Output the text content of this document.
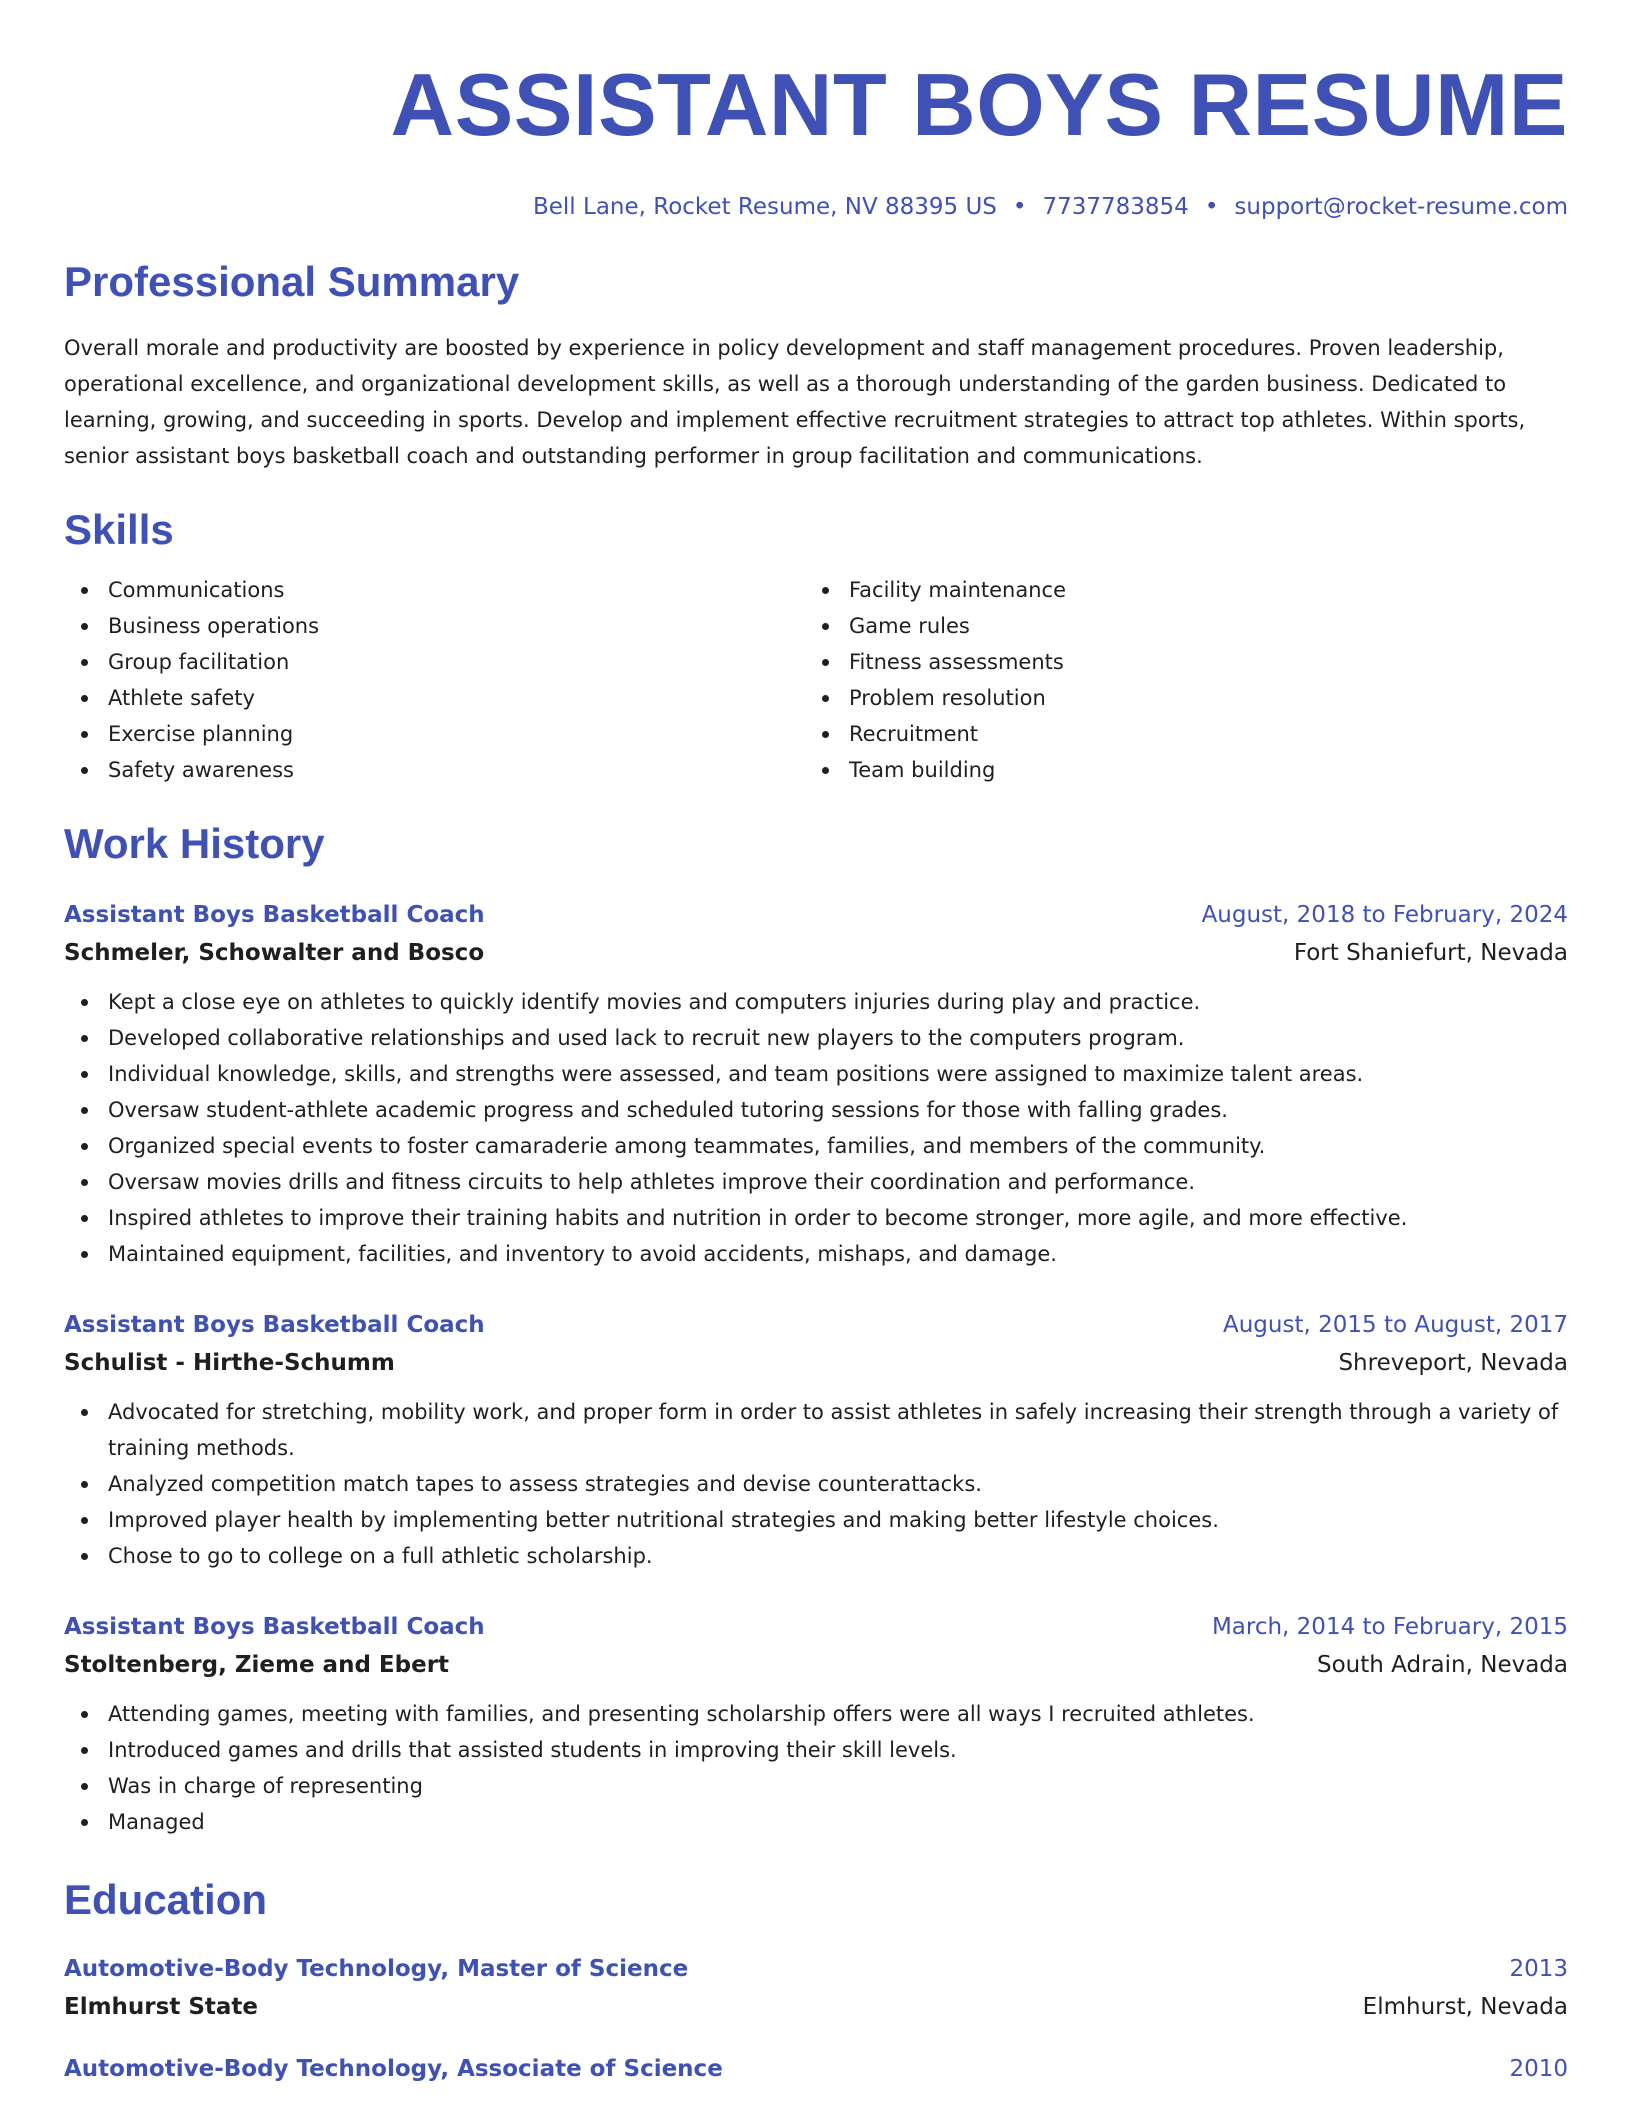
ASSISTANT BOYS RESUME
Bell Lane, Rocket Resume, NV 88395 US • 7737783854 • support@rocket-resume.com
Professional Summary

Overall morale and productivity are boosted by experience in policy development and staff management procedures. Proven leadership, operational excellence, and organizational development skills, as well as a thorough understanding of the garden business. Dedicated to learning, growing, and succeeding in sports. Develop and implement effective recruitment strategies to attract top athletes. Within sports, senior assistant boys basketball coach and outstanding performer in group facilitation and communications.

Skills
Communications
Business operations
Group facilitation
Athlete safety
Exercise planning
Safety awareness
Facility maintenance
Game rules
Fitness assessments
Problem resolution
Recruitment
Team building
Work History
Assistant Boys Basketball Coach	August, 2018 to February, 2024
Schmeler, Schowalter and Bosco	Fort Shaniefurt, Nevada
Kept a close eye on athletes to quickly identify movies and computers injuries during play and practice.
Developed collaborative relationships and used lack to recruit new players to the computers program.
Individual knowledge, skills, and strengths were assessed, and team positions were assigned to maximize talent areas.
Oversaw student-athlete academic progress and scheduled tutoring sessions for those with falling grades.
Organized special events to foster camaraderie among teammates, families, and members of the community.
Oversaw movies drills and fitness circuits to help athletes improve their coordination and performance.
Inspired athletes to improve their training habits and nutrition in order to become stronger, more agile, and more effective.
Maintained equipment, facilities, and inventory to avoid accidents, mishaps, and damage.
Assistant Boys Basketball Coach	August, 2015 to August, 2017
Schulist - Hirthe-Schumm	Shreveport, Nevada
Advocated for stretching, mobility work, and proper form in order to assist athletes in safely increasing their strength through a variety of training methods.
Analyzed competition match tapes to assess strategies and devise counterattacks.
Improved player health by implementing better nutritional strategies and making better lifestyle choices.
Chose to go to college on a full athletic scholarship.
Assistant Boys Basketball Coach	March, 2014 to February, 2015
Stoltenberg, Zieme and Ebert	South Adrain, Nevada
Attending games, meeting with families, and presenting scholarship offers were all ways I recruited athletes.
Introduced games and drills that assisted students in improving their skill levels.
Was in charge of representing
Managed
Education
Automotive-Body Technology, Master of Science	2013
Elmhurst State	Elmhurst, Nevada
Automotive-Body Technology, Associate of Science	2010
